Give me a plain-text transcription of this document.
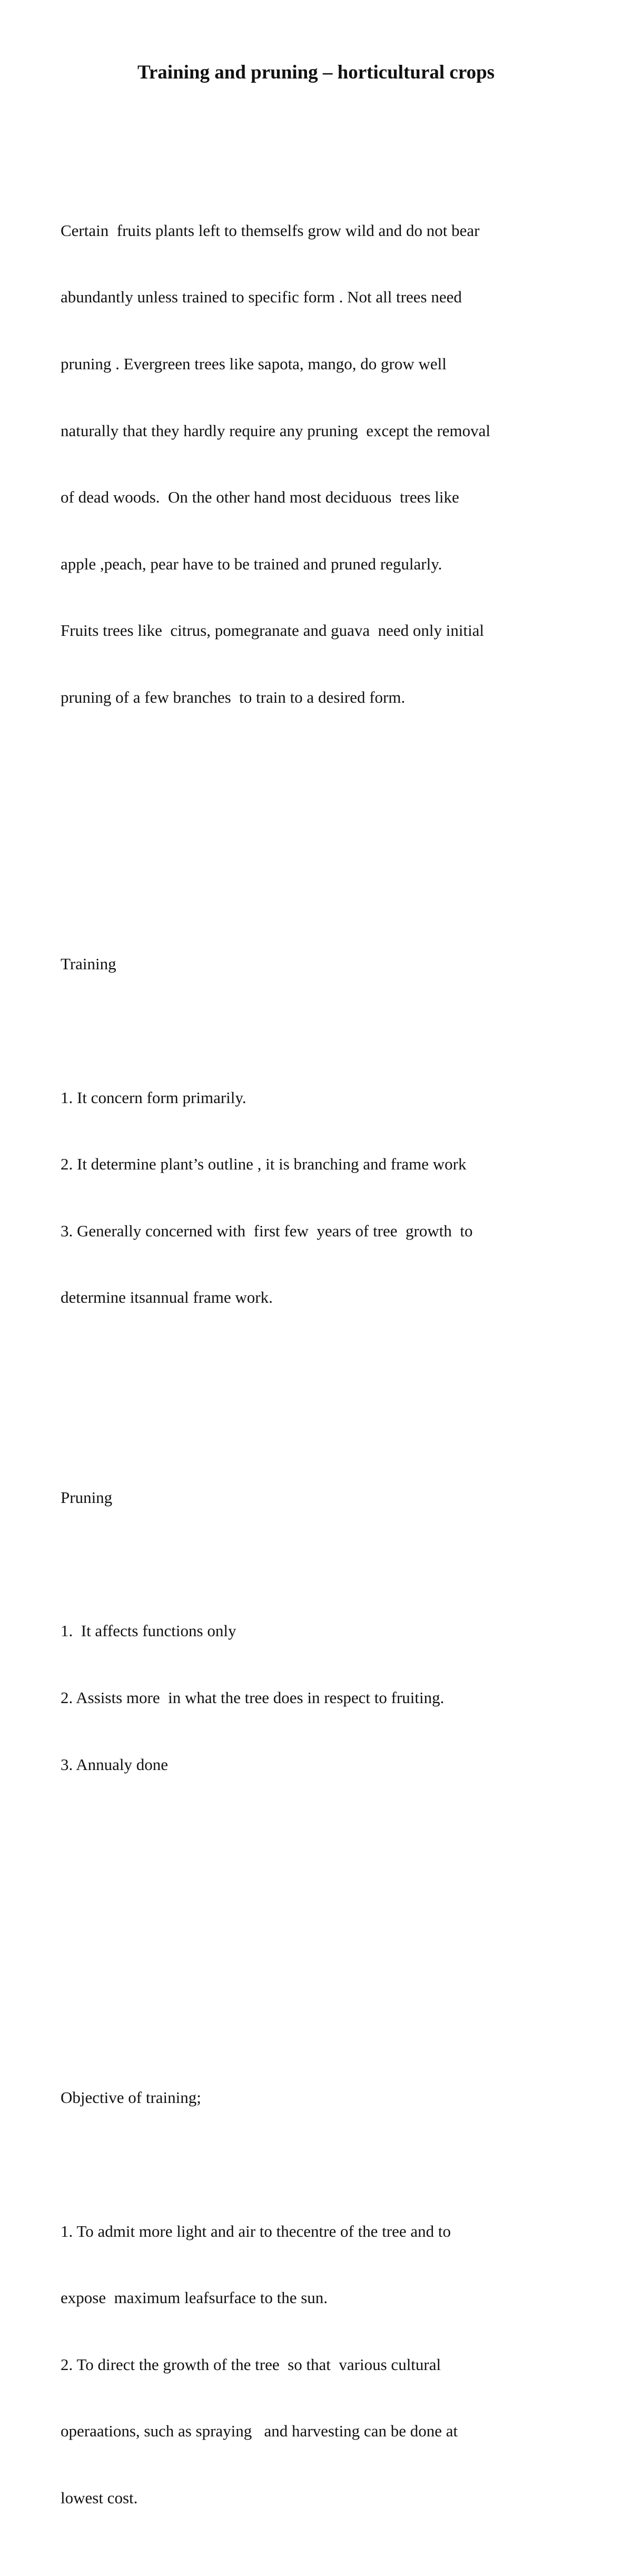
Training and pruning – horticultural crops

Certain  fruits plants left to themselfs grow wild and do not bear

abundantly unless trained to specific form . Not all trees need

pruning . Evergreen trees like sapota, mango, do grow well

naturally that they hardly require any pruning  except the removal

of dead woods.  On the other hand most deciduous  trees like

apple ,peach, pear have to be trained and pruned regularly.

Fruits trees like  citrus, pomegranate and guava  need only initial

pruning of a few branches  to train to a desired form.

Training

1. It concern form primarily.

2. It determine plant’s outline , it is branching and frame work

3. Generally concerned with  first few  years of tree  growth  to

determine itsannual frame work.

Pruning

1.  It affects functions only

2. Assists more  in what the tree does in respect to fruiting.

3. Annualy done

Objective of training;

1. To admit more light and air to thecentre of the tree and to

expose  maximum leafsurface to the sun.

2. To direct the growth of the tree  so that  various cultural

operaations, such as spraying   and harvesting can be done at

lowest cost.
